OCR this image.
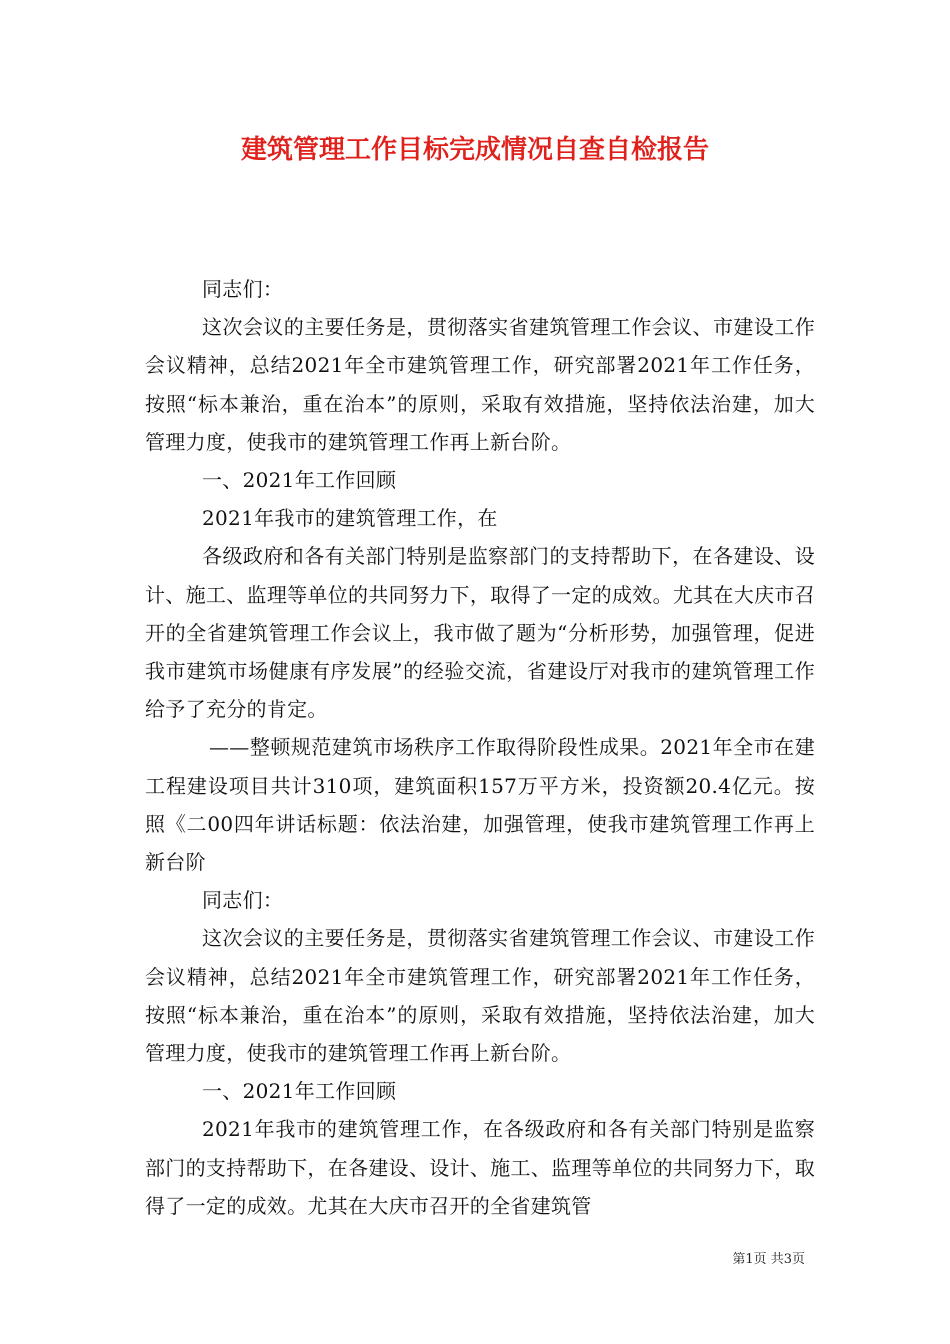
建筑管理工作目标完成情况自查自检报告

同志们：

这次会议的主要任务是，贯彻落实省建筑管理工作会议、市建设工作会议精神，总结2021年全市建筑管理工作，研究部署2021年工作任务，按照“标本兼治，重在治本”的原则，采取有效措施，坚持依法治建，加大管理力度，使我市的建筑管理工作再上新台阶。

一、2021年工作回顾

2021年我市的建筑管理工作，在

各级政府和各有关部门特别是监察部门的支持帮助下，在各建设、设计、施工、监理等单位的共同努力下，取得了一定的成效。尤其在大庆市召开的全省建筑管理工作会议上，我市做了题为“分析形势，加强管理，促进我市建筑市场健康有序发展”的经验交流，省建设厅对我市的建筑管理工作给予了充分的肯定。

——整顿规范建筑市场秩序工作取得阶段性成果。2021年全市在建工程建设项目共计310项，建筑面积157万平方米，投资额20.4亿元。按照《二00四年讲话标题：依法治建，加强管理，使我市建筑管理工作再上新台阶

同志们：

这次会议的主要任务是，贯彻落实省建筑管理工作会议、市建设工作会议精神，总结2021年全市建筑管理工作，研究部署2021年工作任务，按照“标本兼治，重在治本”的原则，采取有效措施，坚持依法治建，加大管理力度，使我市的建筑管理工作再上新台阶。

一、2021年工作回顾

2021年我市的建筑管理工作，在各级政府和各有关部门特别是监察部门的支持帮助下，在各建设、设计、施工、监理等单位的共同努力下，取得了一定的成效。尤其在大庆市召开的全省建筑管

第1页 共3页
